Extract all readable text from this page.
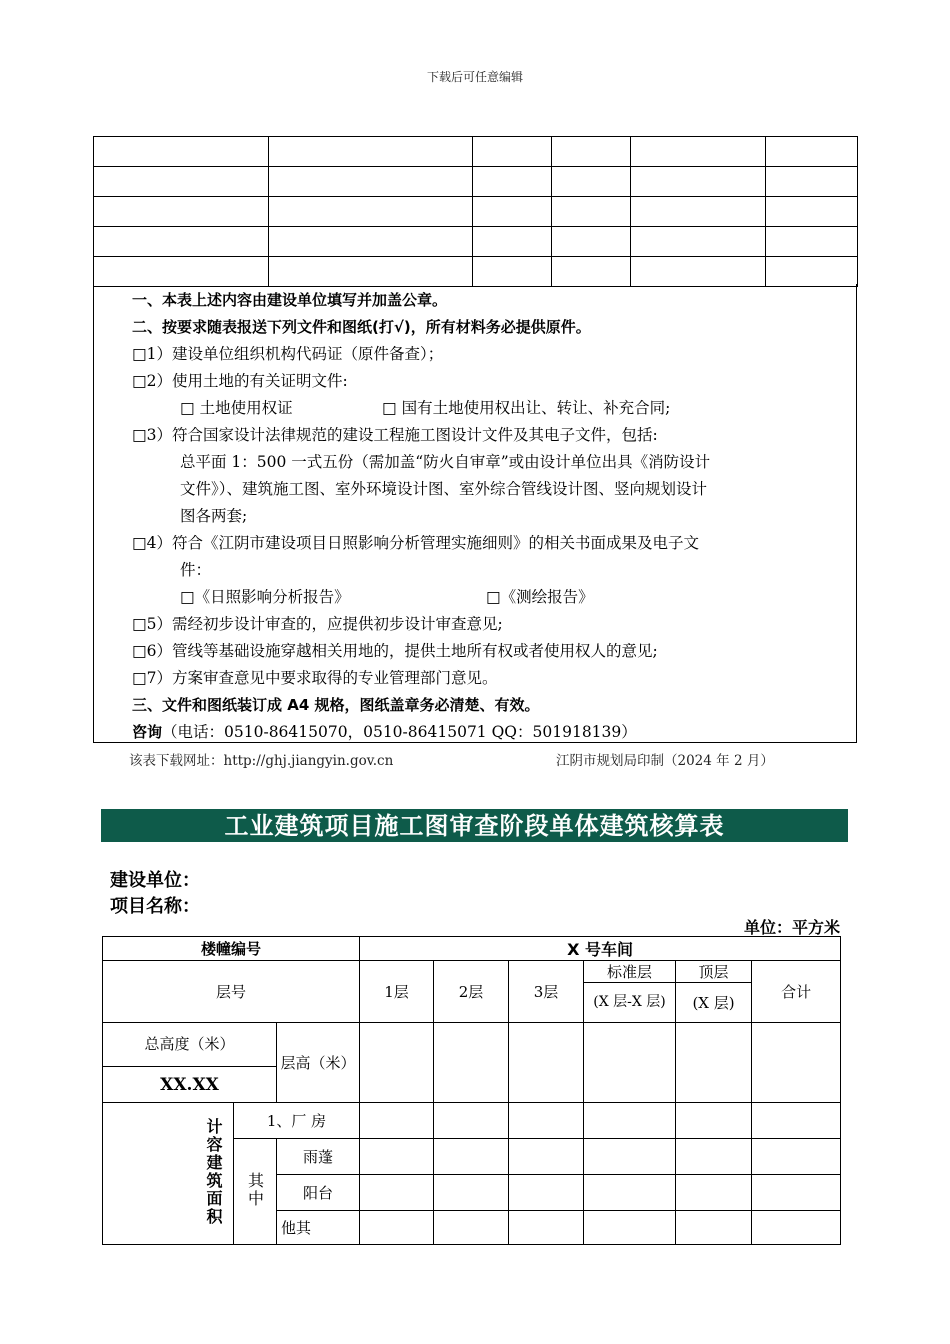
下载后可任意编辑

一、本表上述内容由建设单位填写并加盖公章。
二、按要求随表报送下列文件和图纸(打√)，所有材料务必提供原件。
□1）建设单位组织机构代码证（原件备查）；
□2）使用土地的有关证明文件:
□ 土地使用权证	□ 国有土地使用权出让、转让、补充合同;
□3）符合国家设计法律规范的建设工程施工图设计文件及其电子文件，包括:
总平面 1：500 一式五份（需加盖“防火自审章”或由设计单位出具《消防设计
文件》）、建筑施工图、室外环境设计图、室外综合管线设计图、竖向规划设计
图各两套;
□4）符合《江阴市建设项目日照影响分析管理实施细则》的相关书面成果及电子文
件：
□《日照影响分析报告》	□《测绘报告》
□5）需经初步设计审查的，应提供初步设计审查意见;
□6）管线等基础设施穿越相关用地的，提供土地所有权或者使用权人的意见;
□7）方案审查意见中要求取得的专业管理部门意见。
三、文件和图纸装订成 A4 规格，图纸盖章务必清楚、有效。
咨询（电话：0510-86415070，0510-86415071 QQ：501918139）
该表下载网址：http://ghj.jiangyin.gov.cn	江阴市规划局印制（2024 年 2 月）
工业建筑项目施工图审查阶段单体建筑核算表
建设单位：
项目名称：
单位：平方米
楼幢编号			X 号车间					
层号			1层	2层	3层	标准层	顶层	合计
						(X 层-X 层)	(X 层)	
总高度（米）		层高（米）						
XX.XX								
计容建筑面积	1、厂 房							
	其中	雨蓬						
		阳台						
		他其						
